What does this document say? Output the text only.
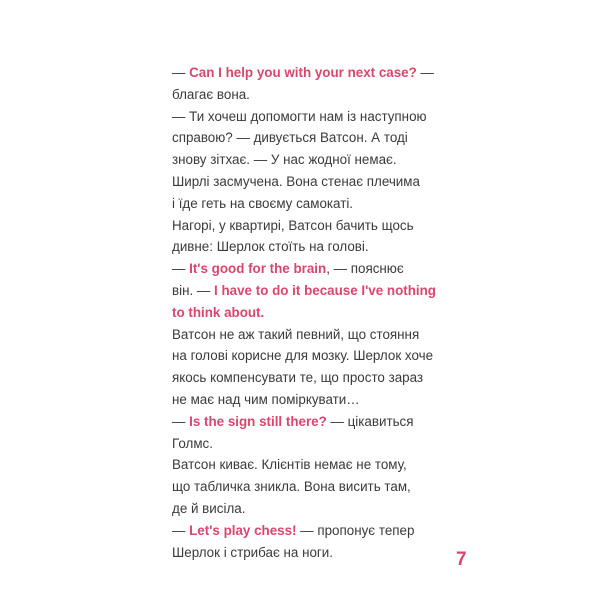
— Can I help you with your next case? —
благає вона.
— Ти хочеш допомогти нам із наступною
справою? — дивується Ватсон. А тоді
знову зітхає. — У нас жодної немає.
Ширлі засмучена. Вона стенає плечима
і їде геть на своєму самокаті.
Нагорі, у квартирі, Ватсон бачить щось
дивне: Шерлок стоїть на голові.
— It's good for the brain, — пояснює
він. — I have to do it because I've nothing
to think about.
Ватсон не аж такий певний, що стояння
на голові корисне для мозку. Шерлок хоче
якось компенсувати те, що просто зараз
не має над чим поміркувати…
— Is the sign still there? — цікавиться
Голмс.
Ватсон киває. Клієнтів немає не тому,
що табличка зникла. Вона висить там,
де й висіла.
— Let's play chess! — пропонує тепер
Шерлок і стрибає на ноги.	7
